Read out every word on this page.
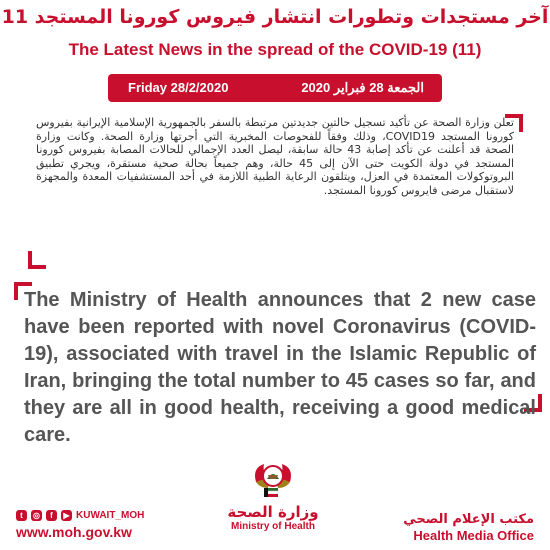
آخر مستجدات وتطورات انتشار فيروس كورونا المستجد 11
The Latest News in the spread of the COVID-19 (11)
Friday 28/2/2020	الجمعة 28 فبراير 2020
تعلن وزارة الصحة عن تأكيد تسجيل حالتين جديدتين مرتبطة بالسفر بالجمهورية الإسلامية الإيرانية بفيروس كورونا المستجد COVID19، وذلك وفقاً للفحوصات المخبرية التي أجرتها وزارة الصحة. وكانت وزارة الصحة قد أعلنت عن تأكد إصابة 43 حالة سابقة، ليصل العدد الإجمالي للحالات المصابة بفيروس كورونا المستجد في دولة الكويت حتى الآن إلى 45 حالة، وهم جميعاً بحالة صحية مستقرة، ويجري تطبيق البروتوكولات المعتمدة في العزل، ويتلقون الرعاية الطبية اللازمة في أحد المستشفيات المعدة والمجهزة لاستقبال مرضى فايروس كورونا المستجد.
The Ministry of Health announces that 2 new case have been reported with novel Coronavirus (COVID-19), associated with travel in the Islamic Republic of Iran, bringing the total number to 45 cases so far, and they are all in good health, receiving a good medical care.
t	◎	f	▶ KUWAIT_MOH
www.moh.gov.kw
وزارة الصحة
Ministry of Health	مكتب الإعلام الصحي
Health Media Office
